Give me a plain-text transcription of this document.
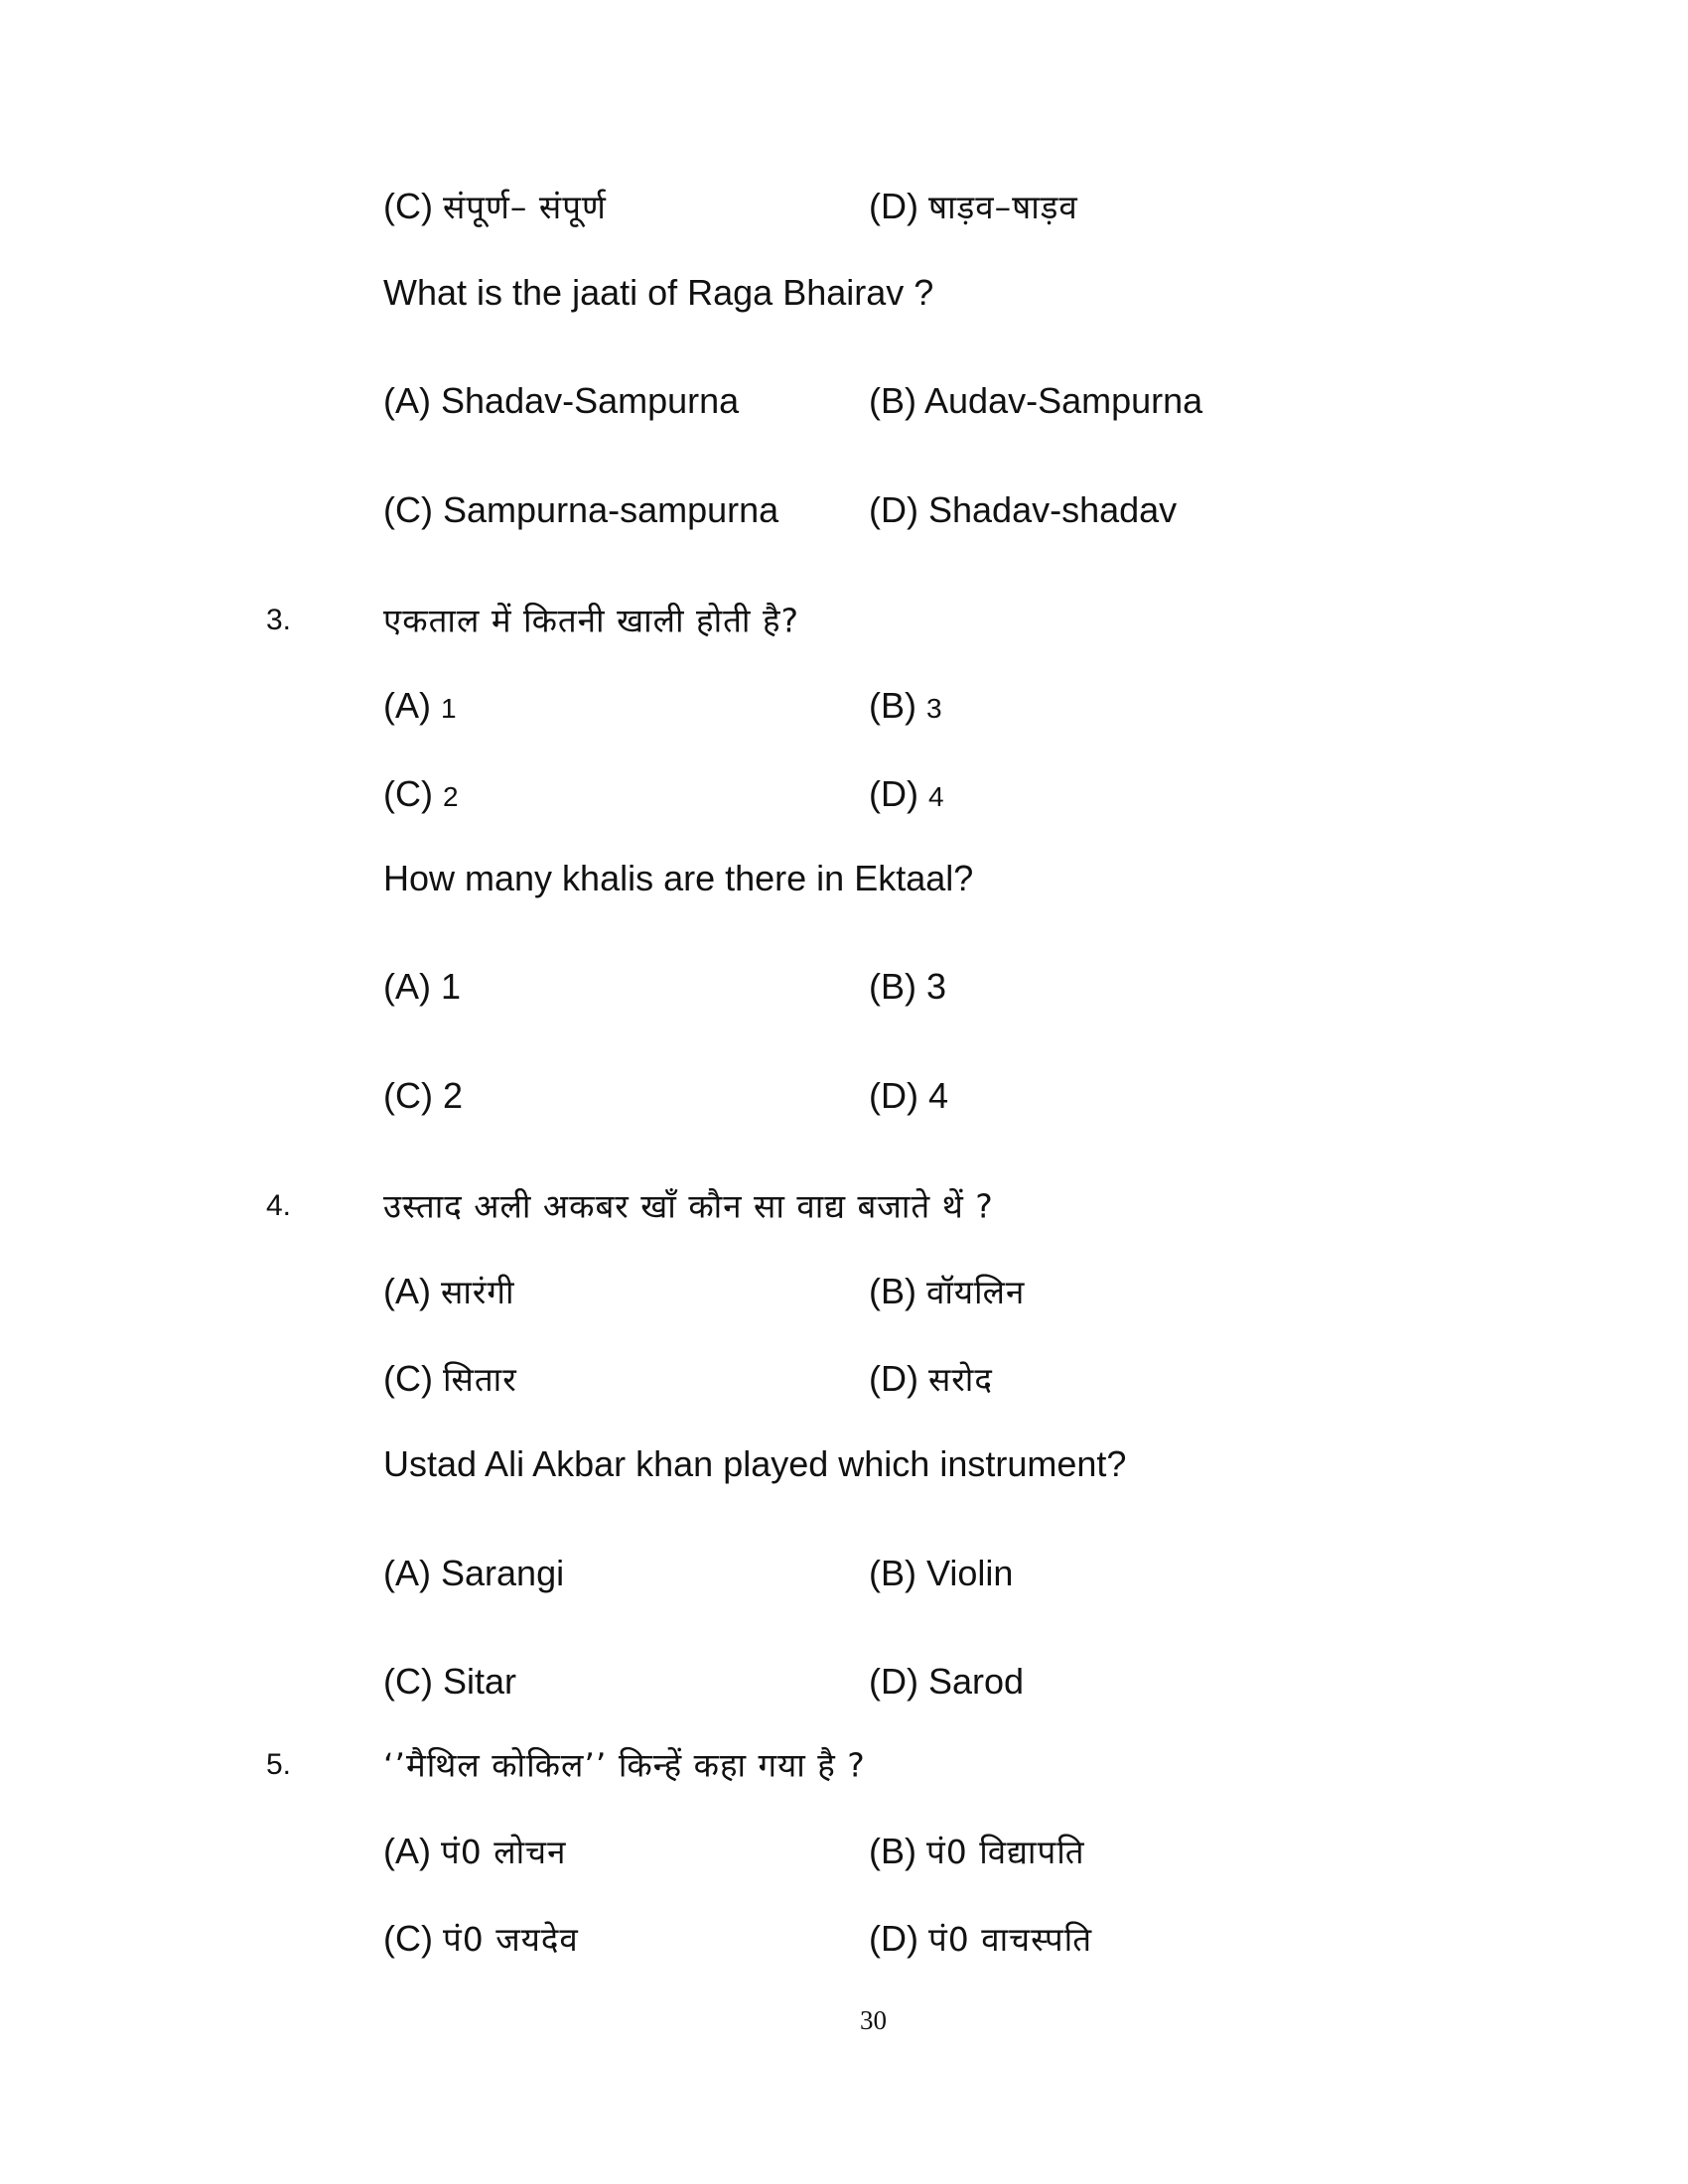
(C) संपूर्ण– संपूर्ण	(D) षाड़व–षाड़व
What is the jaati of Raga Bhairav ?
(A) Shadav-Sampurna	(B) Audav-Sampurna
(C) Sampurna-sampurna	(D) Shadav-shadav
3.	एकताल में कितनी खाली होती है?
(A) 1	(B) 3
(C) 2	(D) 4
How many khalis are there in Ektaal?
(A) 1	(B) 3
(C) 2	(D) 4
4.	उस्ताद अली अकबर खाँ कौन सा वाद्य बजाते थें ?
(A) सारंगी	(B) वॉयलिन
(C) सितार	(D) सरोद
Ustad Ali Akbar khan played which instrument?
(A) Sarangi	(B) Violin
(C) Sitar	(D) Sarod
5.	‘’मैथिल कोकिल’’ किन्हें कहा गया है ?
(A) पं0 लोचन	(B) पं0 विद्यापति
(C) पं0 जयदेव	(D) पं0 वाचस्पति
30
